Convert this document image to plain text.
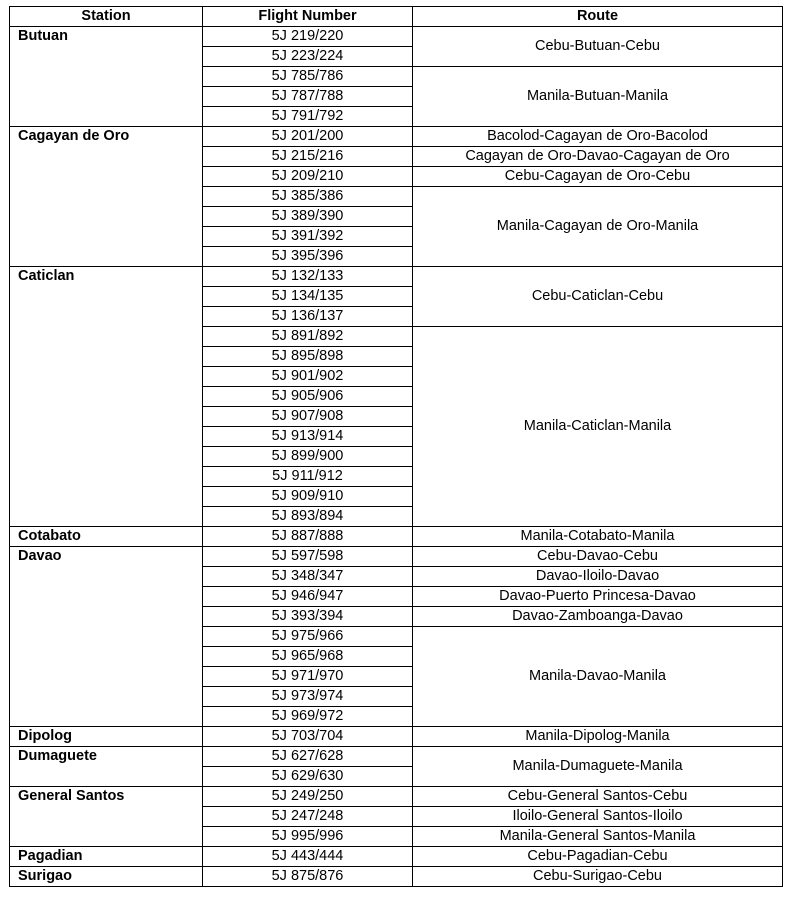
Station	Flight Number	Route
Butuan	5J 219/220	Cebu-Butuan-Cebu
	5J 223/224	
	5J 785/786	Manila-Butuan-Manila
	5J 787/788	
	5J 791/792	
Cagayan de Oro	5J 201/200	Bacolod-Cagayan de Oro-Bacolod
	5J 215/216	Cagayan de Oro-Davao-Cagayan de Oro
	5J 209/210	Cebu-Cagayan de Oro-Cebu
	5J 385/386	Manila-Cagayan de Oro-Manila
	5J 389/390	
	5J 391/392	
	5J 395/396	
Caticlan	5J 132/133	Cebu-Caticlan-Cebu
	5J 134/135	
	5J 136/137	
	5J 891/892	Manila-Caticlan-Manila
	5J 895/898	
	5J 901/902	
	5J 905/906	
	5J 907/908	
	5J 913/914	
	5J 899/900	
	5J 911/912	
	5J 909/910	
	5J 893/894	
Cotabato	5J 887/888	Manila-Cotabato-Manila
Davao	5J 597/598	Cebu-Davao-Cebu
	5J 348/347	Davao-Iloilo-Davao
	5J 946/947	Davao-Puerto Princesa-Davao
	5J 393/394	Davao-Zamboanga-Davao
	5J 975/966	Manila-Davao-Manila
	5J 965/968	
	5J 971/970	
	5J 973/974	
	5J 969/972	
Dipolog	5J 703/704	Manila-Dipolog-Manila
Dumaguete	5J 627/628	Manila-Dumaguete-Manila
	5J 629/630	
General Santos	5J 249/250	Cebu-General Santos-Cebu
	5J 247/248	Iloilo-General Santos-Iloilo
	5J 995/996	Manila-General Santos-Manila
Pagadian	5J 443/444	Cebu-Pagadian-Cebu
Surigao	5J 875/876	Cebu-Surigao-Cebu
